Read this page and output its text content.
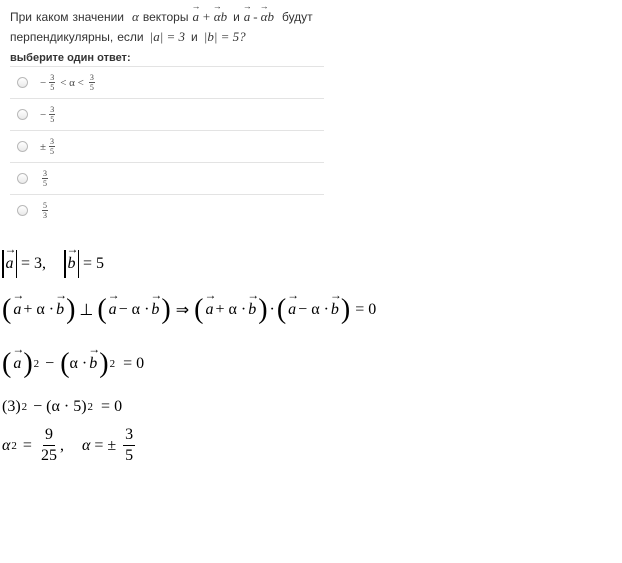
При каком значении α векторы → a + → αb и → a - → αb будут
перпендикулярны, если |a| = 3 и |b| = 5?
выберите один ответ:
− $\frac{3}{5} < \alpha < \frac{3}{5}$
− $\frac{3}{5}$
± $\frac{3}{5}$
$\frac{3}{5}$
$\frac{5}{3}$
→ a = 3, → b = 5
( → a + α · → b ) ⊥ ( → a − α · → b ) ⇒ ( → a + α · → b ) · ( → a − α · → b ) = 0
( → a ) 2 − ( α · → b ) 2 = 0
(3) 2 − (α · 5) 2 = 0
α $2 = \frac{9}{25}$ , α = ± $\frac{3}{5}$
